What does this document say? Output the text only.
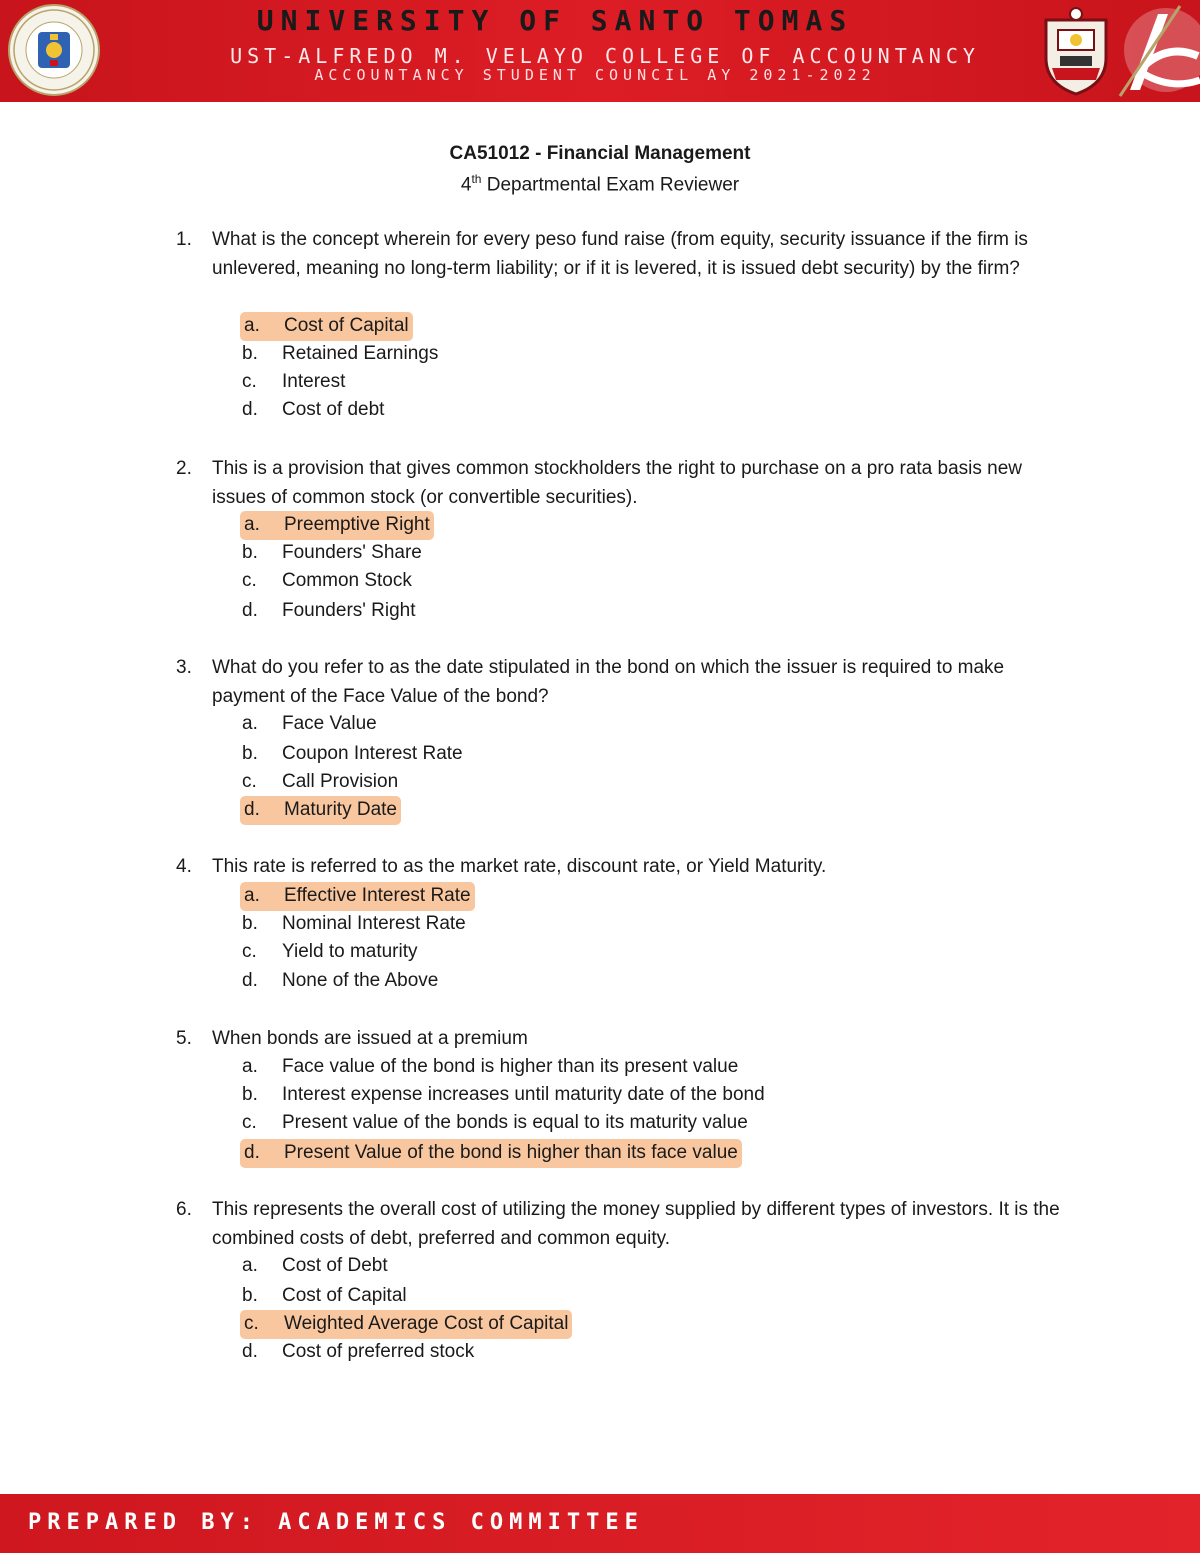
UNIVERSITY OF SANTO TOMAS
UST-ALFREDO M. VELAYO COLLEGE OF ACCOUNTANCY
ACCOUNTANCY STUDENT COUNCIL AY 2021-2022
CA51012 - Financial Management
4th Departmental Exam Reviewer
1. What is the concept wherein for every peso fund raise (from equity, security issuance if the firm is unlevered, meaning no long-term liability; or if it is levered, it is issued debt security) by the firm?
a. Cost of Capital
b. Retained Earnings
c. Interest
d. Cost of debt
2. This is a provision that gives common stockholders the right to purchase on a pro rata basis new issues of common stock (or convertible securities).
a. Preemptive Right
b. Founders' Share
c. Common Stock
d. Founders' Right
3. What do you refer to as the date stipulated in the bond on which the issuer is required to make payment of the Face Value of the bond?
a. Face Value
b. Coupon Interest Rate
c. Call Provision
d. Maturity Date
4. This rate is referred to as the market rate, discount rate, or Yield Maturity.
a. Effective Interest Rate
b. Nominal Interest Rate
c. Yield to maturity
d. None of the Above
5. When bonds are issued at a premium
a. Face value of the bond is higher than its present value
b. Interest expense increases until maturity date of the bond
c. Present value of the bonds is equal to its maturity value
d. Present Value of the bond is higher than its face value
6. This represents the overall cost of utilizing the money supplied by different types of investors. It is the combined costs of debt, preferred and common equity.
a. Cost of Debt
b. Cost of Capital
c. Weighted Average Cost of Capital
d. Cost of preferred stock
PREPARED BY: ACADEMICS COMMITTEE
